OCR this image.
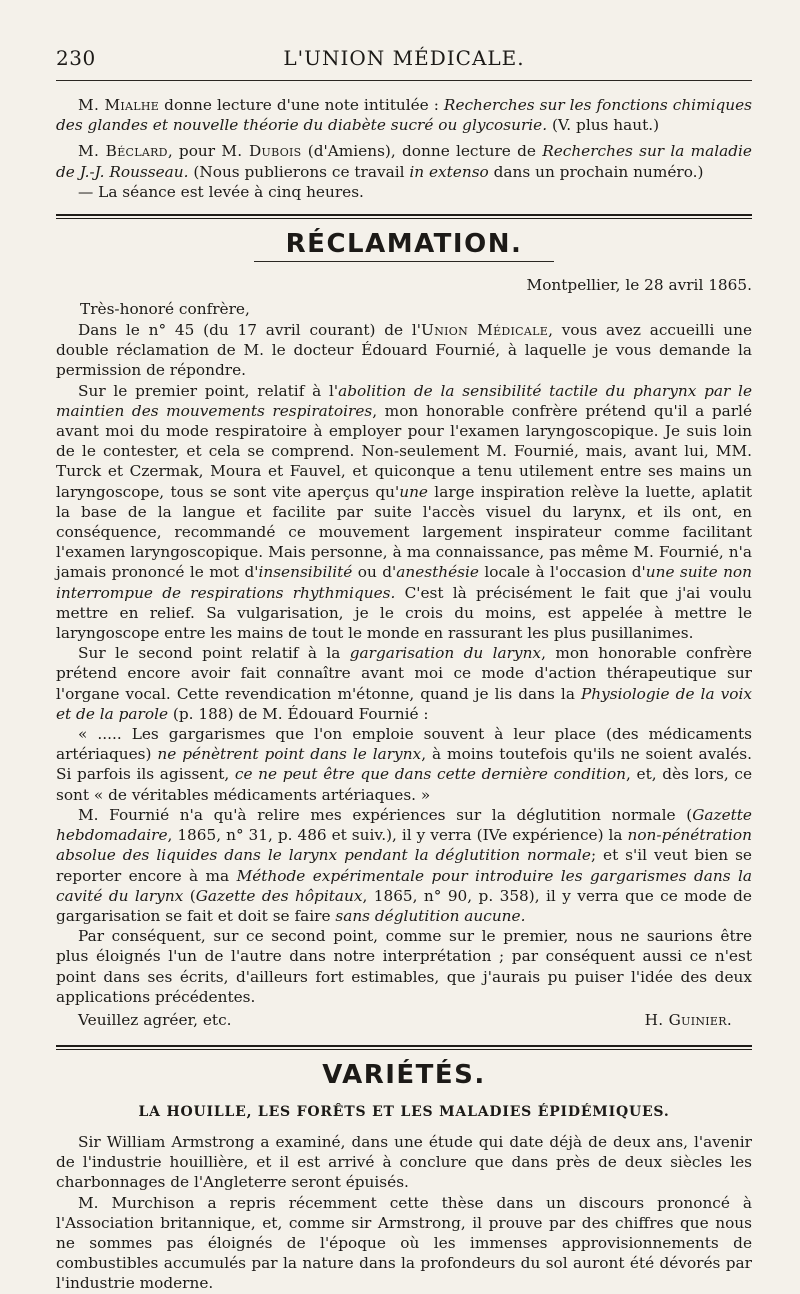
230	L'UNION MÉDICALE.

M. Mialhe donne lecture d'une note intitulée : Recherches sur les fonctions chimiques des glandes et nouvelle théorie du diabète sucré ou glycosurie. (V. plus haut.)

M. Béclard, pour M. Dubois (d'Amiens), donne lecture de Recherches sur la maladie de J.-J. Rousseau. (Nous publierons ce travail in extenso dans un prochain numéro.)

— La séance est levée à cinq heures.

RÉCLAMATION.
Montpellier, le 28 avril 1865.
Très-honoré confrère,

Dans le n° 45 (du 17 avril courant) de l'Union Médicale, vous avez accueilli une double réclamation de M. le docteur Édouard Fournié, à laquelle je vous demande la permission de répondre.

Sur le premier point, relatif à l'abolition de la sensibilité tactile du pharynx par le maintien des mouvements respiratoires, mon honorable confrère prétend qu'il a parlé avant moi du mode respiratoire à employer pour l'examen laryngoscopique. Je suis loin de le contester, et cela se comprend. Non-seulement M. Fournié, mais, avant lui, MM. Turck et Czermak, Moura et Fauvel, et quiconque a tenu utilement entre ses mains un laryngoscope, tous se sont vite aperçus qu'une large inspiration relève la luette, aplatit la base de la langue et facilite par suite l'accès visuel du larynx, et ils ont, en conséquence, recommandé ce mouvement largement inspirateur comme facilitant l'examen laryngoscopique. Mais personne, à ma connaissance, pas même M. Fournié, n'a jamais prononcé le mot d'insensibilité ou d'anesthésie locale à l'occasion d'une suite non interrompue de respirations rhythmiques. C'est là précisément le fait que j'ai voulu mettre en relief. Sa vulgarisation, je le crois du moins, est appelée à mettre le laryngoscope entre les mains de tout le monde en rassurant les plus pusillanimes.

Sur le second point relatif à la gargarisation du larynx, mon honorable confrère prétend encore avoir fait connaître avant moi ce mode d'action thérapeutique sur l'organe vocal. Cette revendication m'étonne, quand je lis dans la Physiologie de la voix et de la parole (p. 188) de M. Édouard Fournié :

« ..... Les gargarismes que l'on emploie souvent à leur place (des médicaments artériaques) ne pénètrent point dans le larynx, à moins toutefois qu'ils ne soient avalés. Si parfois ils agissent, ce ne peut être que dans cette dernière condition, et, dès lors, ce sont « de véritables médicaments artériaques. »

M. Fournié n'a qu'à relire mes expériences sur la déglutition normale (Gazette hebdomadaire, 1865, n° 31, p. 486 et suiv.), il y verra (IVe expérience) la non-pénétration absolue des liquides dans le larynx pendant la déglutition normale; et s'il veut bien se reporter encore à ma Méthode expérimentale pour introduire les gargarismes dans la cavité du larynx (Gazette des hôpitaux, 1865, n° 90, p. 358), il y verra que ce mode de gargarisation se fait et doit se faire sans déglutition aucune.

Par conséquent, sur ce second point, comme sur le premier, nous ne saurions être plus éloignés l'un de l'autre dans notre interprétation ; par conséquent aussi ce n'est point dans ses écrits, d'ailleurs fort estimables, que j'aurais pu puiser l'idée des deux applications précédentes.

Veuillez agréer, etc.	H. Guinier.
VARIÉTÉS.
LA HOUILLE, LES FORÊTS ET LES MALADIES ÉPIDÉMIQUES.

Sir William Armstrong a examiné, dans une étude qui date déjà de deux ans, l'avenir de l'industrie houillière, et il est arrivé à conclure que dans près de deux siècles les charbonnages de l'Angleterre seront épuisés.

M. Murchison a repris récemment cette thèse dans un discours prononcé à l'Association britannique, et, comme sir Armstrong, il prouve par des chiffres que nous ne sommes pas éloignés de l'époque où les immenses approvisionnements de combustibles accumulés par la nature dans la profondeurs du sol auront été dévorés par l'industrie moderne.
